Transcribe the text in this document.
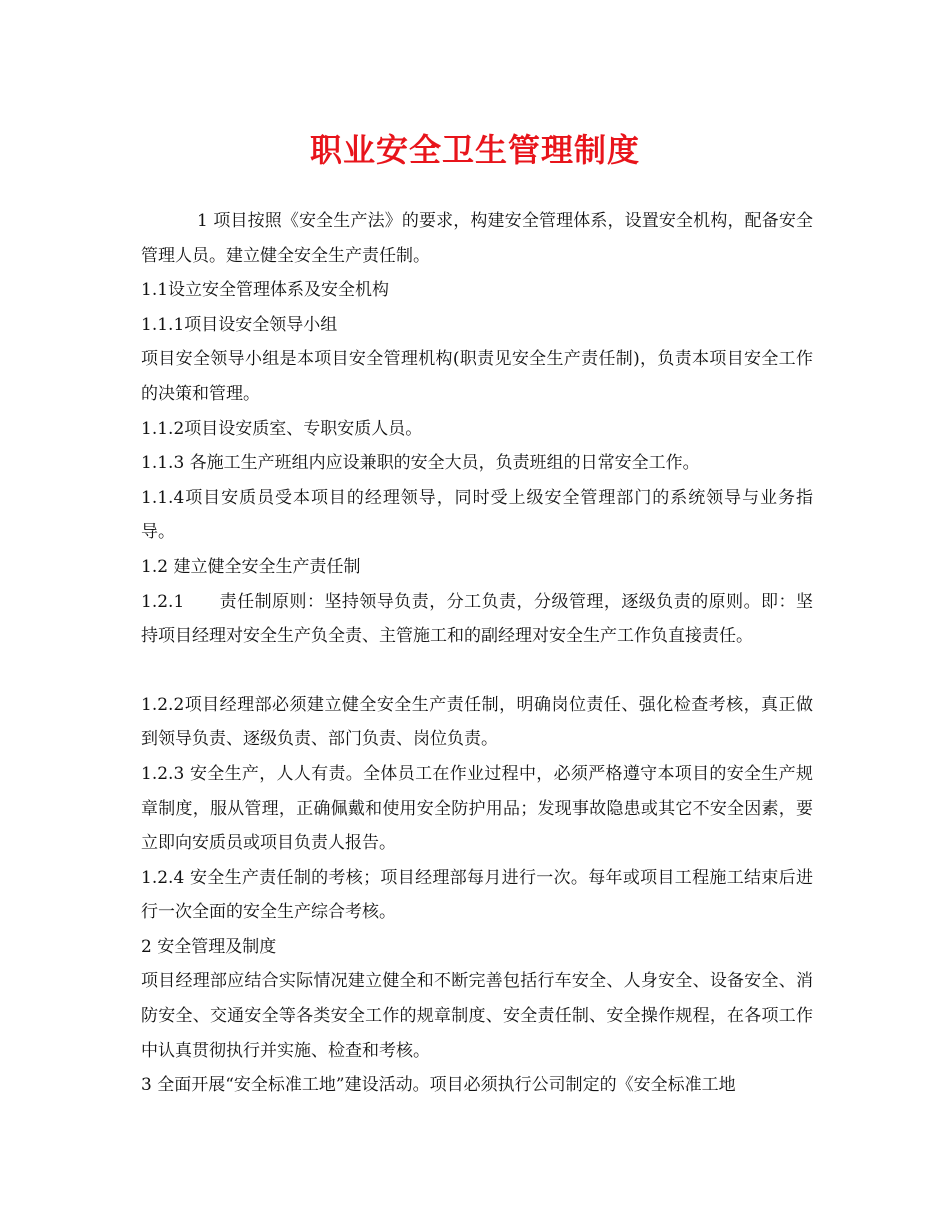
职业安全卫生管理制度

1 项目按照《安全生产法》的要求，构建安全管理体系，设置安全机构，配备安全管理人员。建立健全安全生产责任制。

1.1设立安全管理体系及安全机构

1.1.1项目设安全领导小组

项目安全领导小组是本项目安全管理机构(职责见安全生产责任制)，负责本项目安全工作的决策和管理。

1.1.2项目设安质室、专职安质人员。

1.1.3 各施工生产班组内应设兼职的安全大员，负责班组的日常安全工作。

1.1.4项目安质员受本项目的经理领导，同时受上级安全管理部门的系统领导与业务指导。

1.2 建立健全安全生产责任制

1.2.1　　责任制原则：坚持领导负责，分工负责，分级管理，逐级负责的原则。即：坚持项目经理对安全生产负全责、主管施工和的副经理对安全生产工作负直接责任。

1.2.2项目经理部必须建立健全安全生产责任制，明确岗位责任、强化检查考核，真正做到领导负责、逐级负责、部门负责、岗位负责。

1.2.3 安全生产，人人有责。全体员工在作业过程中，必须严格遵守本项目的安全生产规章制度，服从管理，正确佩戴和使用安全防护用品；发现事故隐患或其它不安全因素，要立即向安质员或项目负责人报告。

1.2.4 安全生产责任制的考核；项目经理部每月进行一次。每年或项目工程施工结束后进行一次全面的安全生产综合考核。

2 安全管理及制度

项目经理部应结合实际情况建立健全和不断完善包括行车安全、人身安全、设备安全、消防安全、交通安全等各类安全工作的规章制度、安全责任制、安全操作规程，在各项工作中认真贯彻执行并实施、检查和考核。

3 全面开展“安全标准工地”建设活动。项目必须执行公司制定的《安全标准工地
